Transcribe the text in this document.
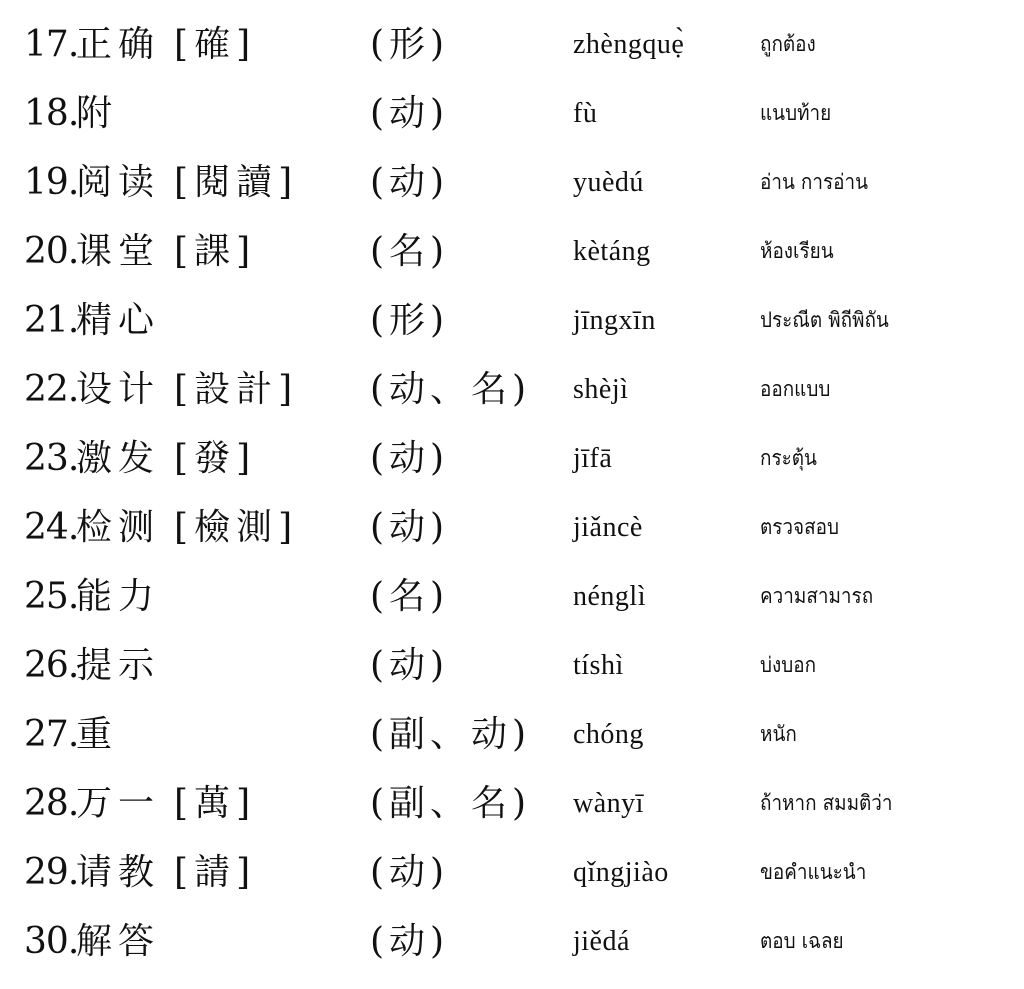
17 . 正确 [確]	(形)	zhèngquẹ̀	ถูกต้อง
18 . 附	(动)	fù	แนบท้าย
19 . 阅读 [閱讀] (动)	yuèdú	อ่าน การอ่าน
20 . 课堂 [課]	(名)	kètáng	ห้องเรียน
21 . 精心	(形)	jīngxīn	ประณีต พิถีพิถัน
22 . 设计 [設計] (动、名) shèjì	ออกแบบ
23 . 激发 [發]	(动)	jīfā	กระตุ้น
24 . 检测 [檢測] (动)	jiǎncè	ตรวจสอบ
25 . 能力	(名)	nénglì	ความสามารถ
26 . 提示	(动)	tíshì	บ่งบอก
27 . 重	(副、动) chóng	หนัก
28 . 万一 [萬]	(副、名) wànyī	ถ้าหาก สมมติว่า
29 . 请教 [請]	(动)	qǐngjiào	ขอคำแนะนำ
30 . 解答	(动)	jiědá	ตอบ เฉลย
